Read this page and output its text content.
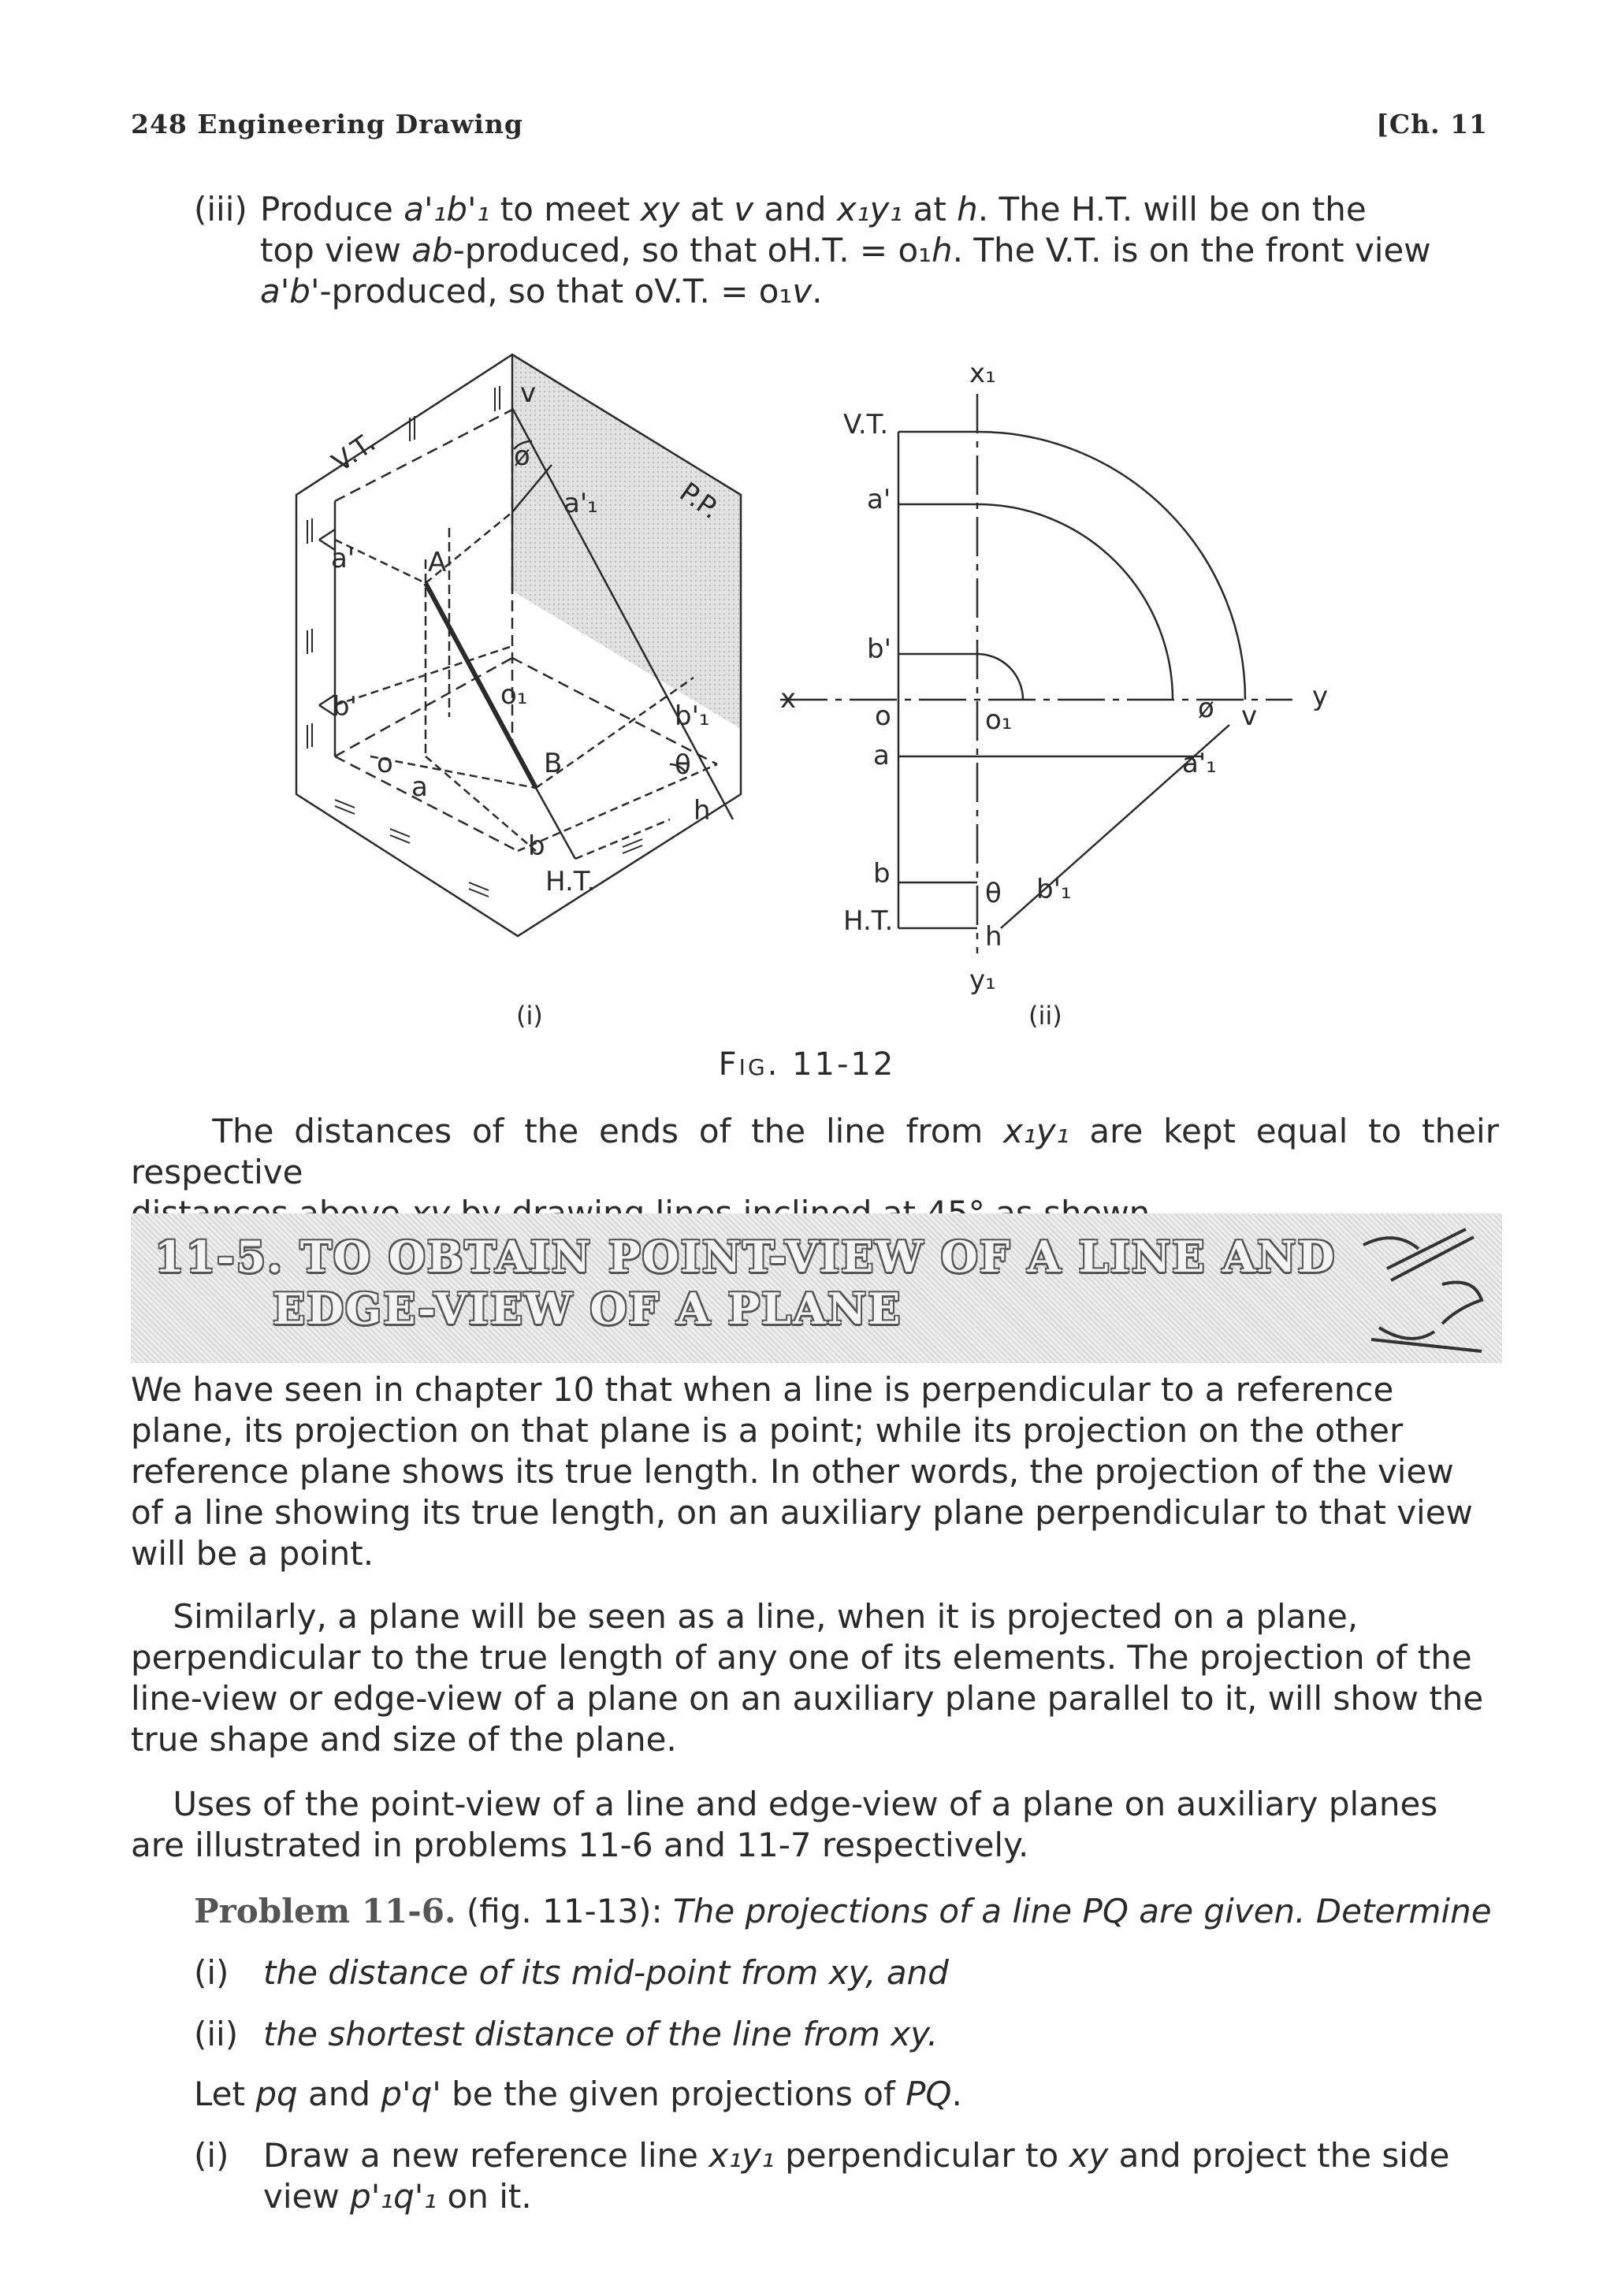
248 Engineering Drawing	[Ch. 11
(iii) Produce a'₁b'₁ to meet xy at v and x₁y₁ at h. The H.T. will be on the
top view ab-produced, so that oH.T. = o₁h. The V.T. is on the front view
a'b'-produced, so that oV.T. = o₁v.
V.T.
P.P.
v
ø
a'₁
a'	A
b'	o₁
b'₁
o
a
B	θ
h
b
H.T.
x₁
V.T.
a'
b'
x
o	o₁
a
ø v
y
a'₁
b
θ b'₁
H.T.	h
y₁
(i)	(ii)
Fig. 11-12
The distances of the ends of the line from x₁y₁ are kept equal to their respective

11-5. TO OBTAIN POINT-VIEW OF A LINE AND
EDGE-VIEW OF A PLANE
We have seen in chapter 10 that when a line is perpendicular to a reference
plane, its projection on that plane is a point; while its projection on the other
reference plane shows its true length. In other words, the projection of the view
of a line showing its true length, on an auxiliary plane perpendicular to that view
will be a point.
Similarly, a plane will be seen as a line, when it is projected on a plane,
perpendicular to the true length of any one of its elements. The projection of the
line-view or edge-view of a plane on an auxiliary plane parallel to it, will show the
true shape and size of the plane.
Uses of the point-view of a line and edge-view of a plane on auxiliary planes
are illustrated in problems 11-6 and 11-7 respectively.
Problem 11-6. (fig. 11-13): The projections of a line PQ are given. Determine
(i) the distance of its mid-point from xy, and
(ii) the shortest distance of the line from xy.
Let pq and p'q' be the given projections of PQ.
(i) Draw a new reference line x₁y₁ perpendicular to xy and project the side
view p'₁q'₁ on it.
